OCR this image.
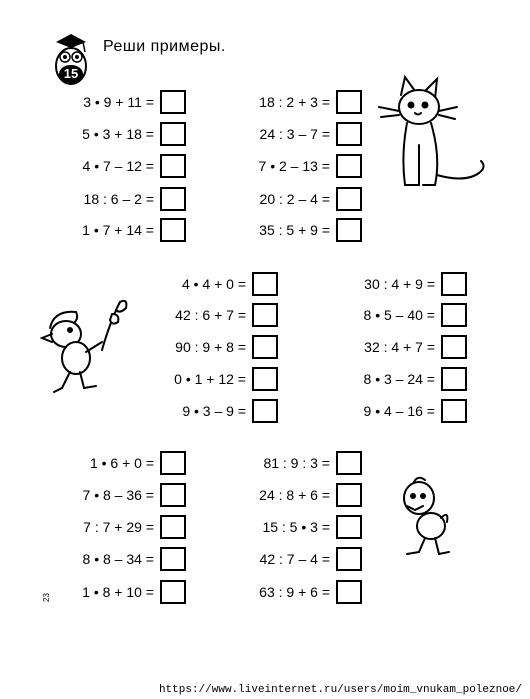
15
Реши примеры.
3 • 9 + 11 =
5 • 3 + 18 =
4 • 7 – 12 =
18 : 6 – 2 =
1 • 7 + 14 =
18 : 2 + 3 =
24 : 3 – 7 =
7 • 2 – 13 =
20 : 2 – 4 =
35 : 5 + 9 =
4 • 4 + 0 =
42 : 6 + 7 =
90 : 9 + 8 =
0 • 1 + 12 =
9 • 3 – 9 =
30 : 4 + 9 =
8 • 5 – 40 =
32 : 4 + 7 =
8 • 3 – 24 =
9 • 4 – 16 =
1 • 6 + 0 =
7 • 8 – 36 =
7 : 7 + 29 =
8 • 8 – 34 =
1 • 8 + 10 =
81 : 9 : 3 =
24 : 8 + 6 =
15 : 5 • 3 =
42 : 7 – 4 =
63 : 9 + 6 =
23
https://www.liveinternet.ru/users/moim_vnukam_poleznoe/
